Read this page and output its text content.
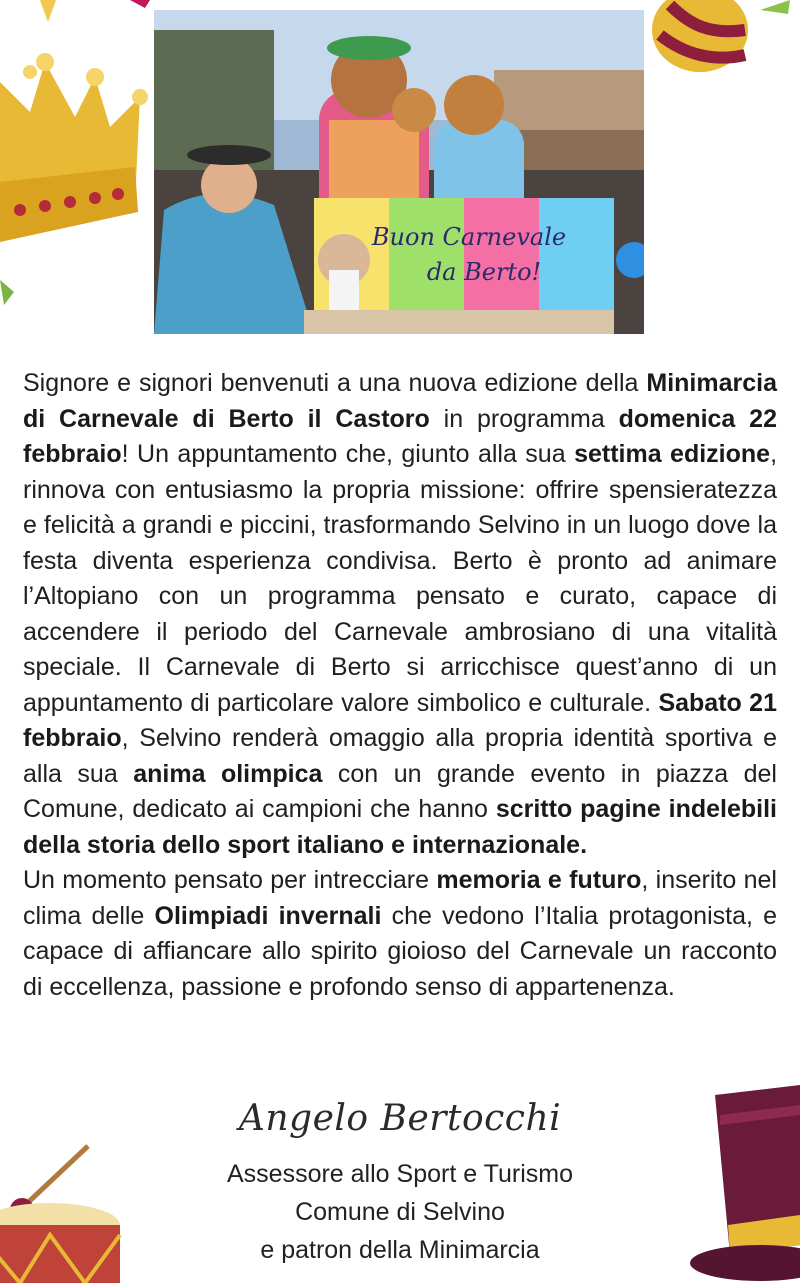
Buon Carnevale
da Berto!

Signore e signori benvenuti a una nuova edizione della Minimarcia di Carnevale di Berto il Castoro in programma domenica 22 febbraio! Un appuntamento che, giunto alla sua settima edizione, rinnova con entusiasmo la propria missione: offrire spensieratezza e felicità a grandi e piccini, trasformando Selvino in un luogo dove la festa diventa esperienza condivisa. Berto è pronto ad animare l’Altopiano con un programma pensato e curato, capace di accendere il periodo del Carnevale ambrosiano di una vitalità speciale. Il Carnevale di Berto si arricchisce quest’anno di un appuntamento di particolare valore simbolico e culturale. Sabato 21 febbraio, Selvino renderà omaggio alla propria identità sportiva e alla sua anima olimpica con un grande evento in piazza del Comune, dedicato ai campioni che hanno scritto pagine indelebili della storia dello sport italiano e internazionale.

Un momento pensato per intrecciare memoria e futuro, inserito nel clima delle Olimpiadi invernali che vedono l’Italia protagonista, e capace di affiancare allo spirito gioioso del Carnevale un racconto di eccellenza, passione e profondo senso di appartenenza.

Angelo Bertocchi
Assessore allo Sport e Turismo
Comune di Selvino
e patron della Minimarcia
